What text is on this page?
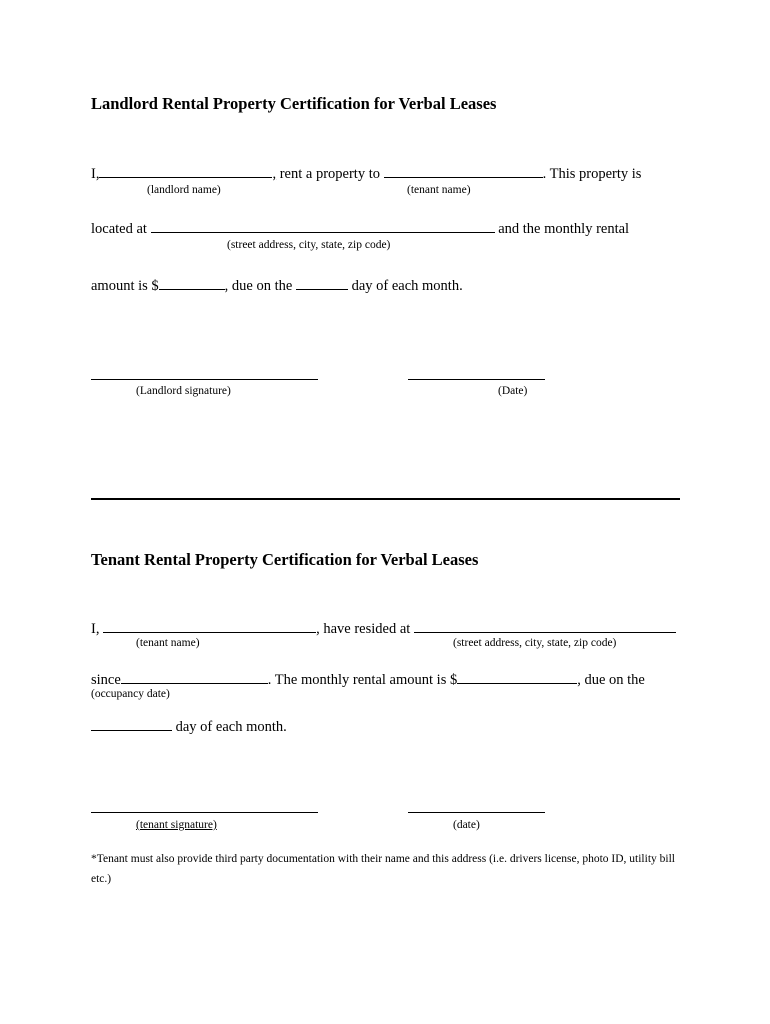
Landlord Rental Property Certification for Verbal Leases
I,	, rent a property to	. This property is
(landlord name)	(tenant name)
located at	and the monthly rental
(street address, city, state, zip code)
amount is $	, due on the	day of each month.
(Landlord signature)	(Date)
Tenant Rental Property Certification for Verbal Leases
I,	, have resided at
(tenant name)	(street address, city, state, zip code)
since	. The monthly rental amount is $	, due on the
(occupancy date)
day of each month.
(tenant signature)	(date)
*Tenant must also provide third party documentation with their name and this address (i.e. drivers license, photo ID, utility bill etc.)
